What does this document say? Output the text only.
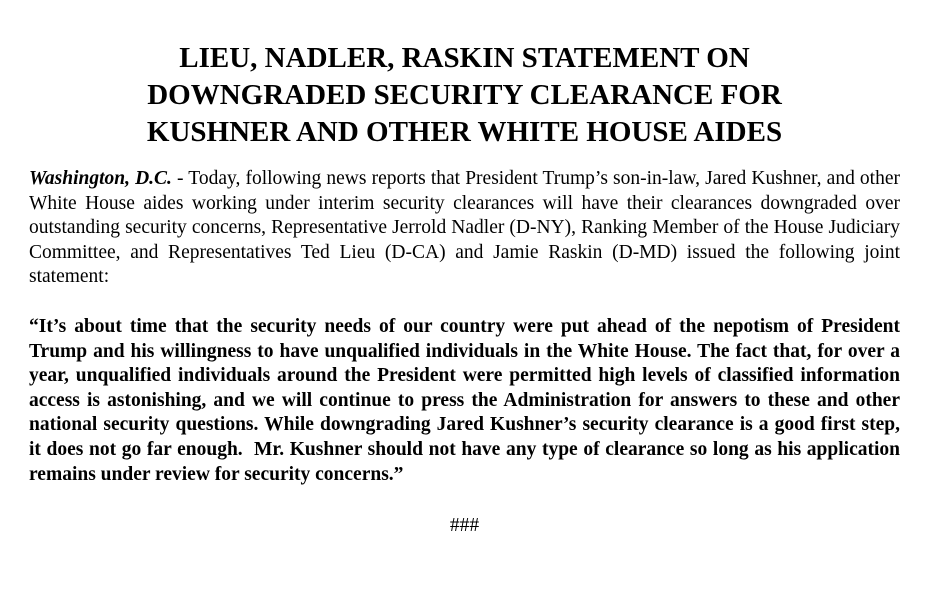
LIEU, NADLER, RASKIN STATEMENT ON
DOWNGRADED SECURITY CLEARANCE FOR
KUSHNER AND OTHER WHITE HOUSE AIDES

Washington, D.C. - Today, following news reports that President Trump’s son-in-law, Jared Kushner, and other White House aides working under interim security clearances will have their clearances downgraded over outstanding security concerns, Representative Jerrold Nadler (D-NY), Ranking Member of the House Judiciary Committee, and Representatives Ted Lieu (D-CA) and Jamie Raskin (D-MD) issued the following joint statement:

“It’s about time that the security needs of our country were put ahead of the nepotism of President Trump and his willingness to have unqualified individuals in the White House. The fact that, for over a year, unqualified individuals around the President were permitted high levels of classified information access is astonishing, and we will continue to press the Administration for answers to these and other national security questions. While downgrading Jared Kushner’s security clearance is a good first step, it does not go far enough.  Mr. Kushner should not have any type of clearance so long as his application remains under review for security concerns.”

###
